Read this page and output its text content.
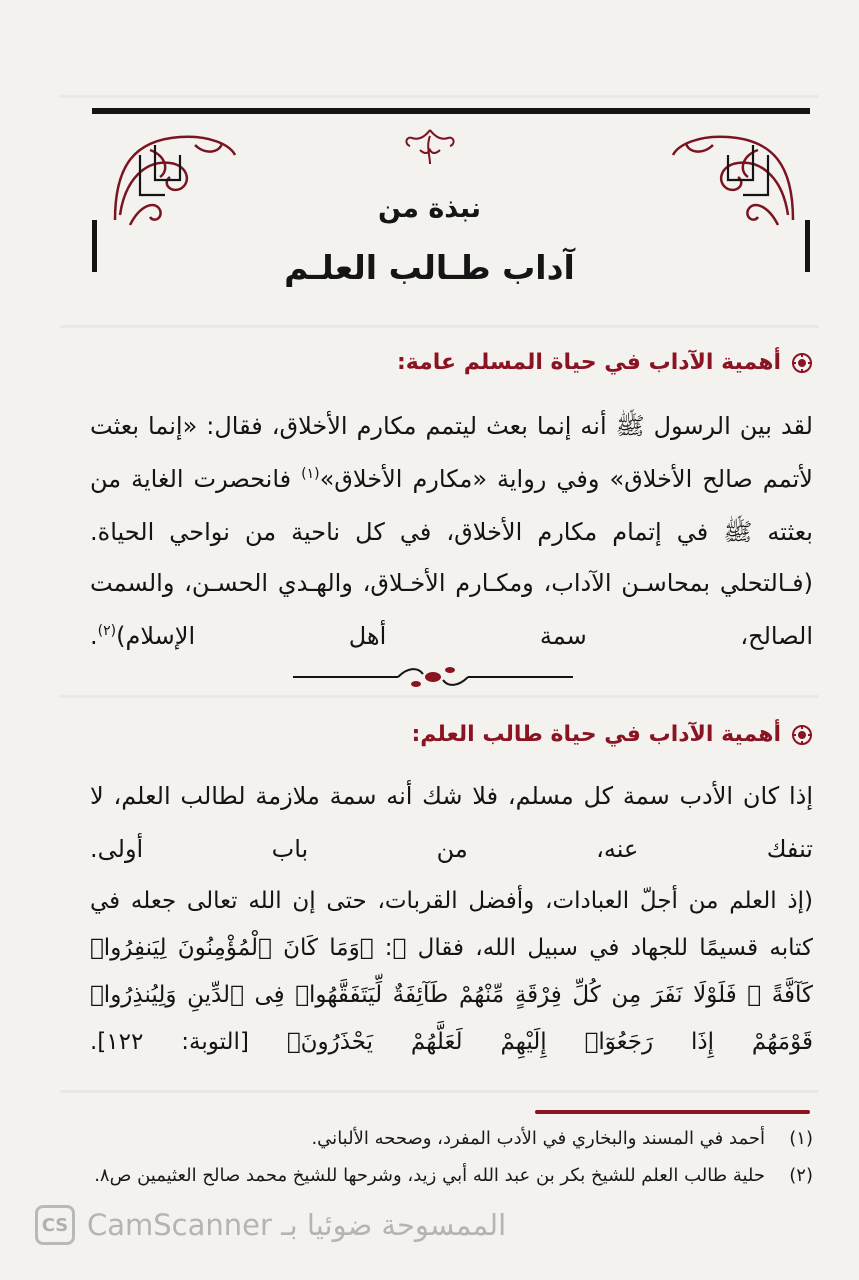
نبذة من
آداب طـالب العلـم
أهمية الآداب في حياة المسلم عامة:
لقد بين الرسول ﷺ أنه إنما بعث ليتمم مكارم الأخلاق، فقال: «إنما بعثت لأتمم صالح الأخلاق» وفي رواية «مكارم الأخلاق»$^{(١)}$ فانحصرت الغاية من بعثته ﷺ في إتمام مكارم الأخلاق، في كل ناحية من نواحي الحياة.
(فـالتحلي بمحاسـن الآداب، ومكـارم الأخـلاق، والهـدي الحسـن، والسمت الصالح، سمة أهل الإسلام)$^{(٢)}$.
أهمية الآداب في حياة طالب العلم:
إذا كان الأدب سمة كل مسلم، فلا شك أنه سمة ملازمة لطالب العلم، لا تنفك عنه، من باب أولى.
(إذ العلم من أجلّ العبادات، وأفضل القربات، حتى إن الله تعالى جعله في كتابه قسيمًا للجهاد في سبيل الله، فقال ﷻ: ﴿وَمَا كَانَ ٱلْمُؤْمِنُونَ لِيَنفِرُوا۟ كَآفَّةً ۚ فَلَوْلَا نَفَرَ مِن كُلِّ فِرْقَةٍ مِّنْهُمْ طَآئِفَةٌ لِّيَتَفَقَّهُوا۟ فِى ٱلدِّينِ وَلِيُنذِرُوا۟ قَوْمَهُمْ إِذَا رَجَعُوٓا۟ إِلَيْهِمْ لَعَلَّهُمْ يَحْذَرُونَ﴾ [التوبة: ١٢٢].
(١)أحمد في المسند والبخاري في الأدب المفرد، وصححه الألباني.
(٢)حلية طالب العلم للشيخ بكر بن عبد الله أبي زيد، وشرحها للشيخ محمد صالح العثيمين ص٨.
CS CamScanner الممسوحة ضوئيا بـ
